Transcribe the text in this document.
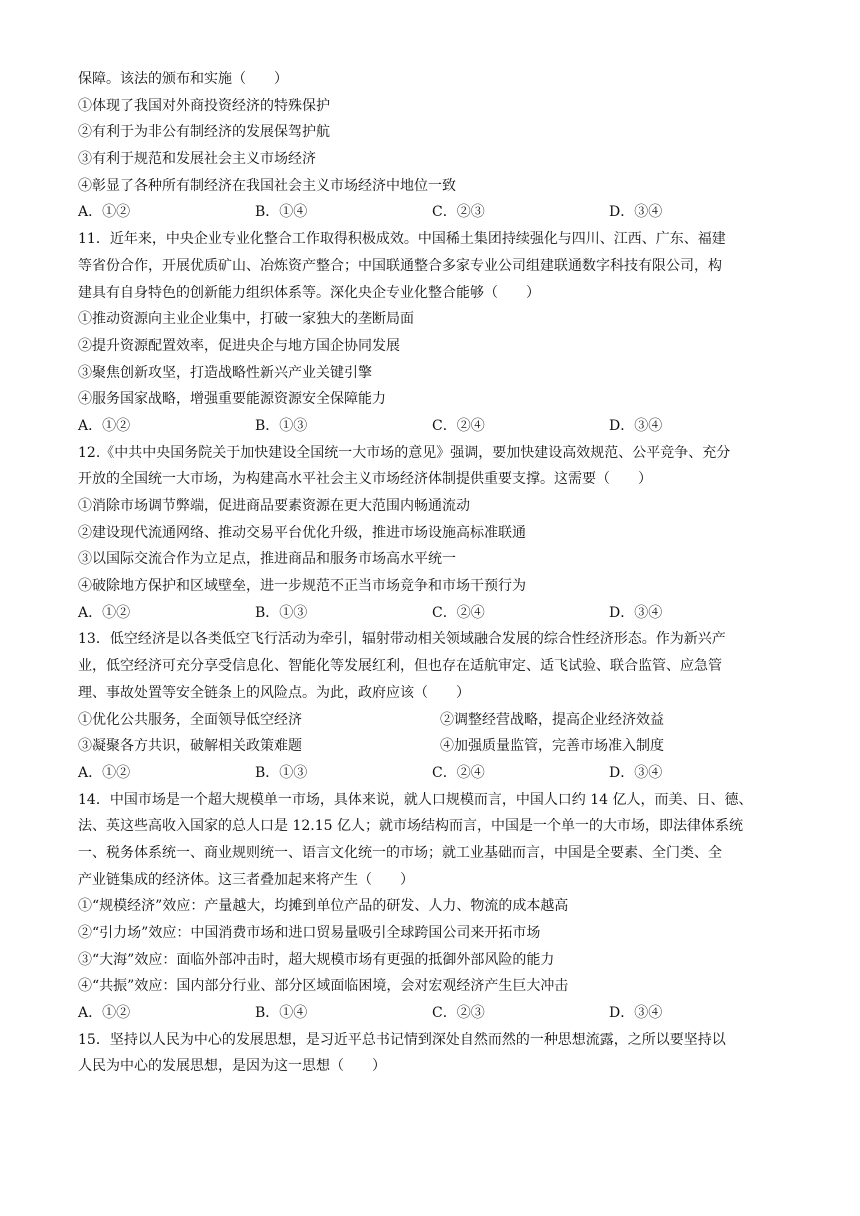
保障。该法的颁布和实施（　　）
①体现了我国对外商投资经济的特殊保护
②有利于为非公有制经济的发展保驾护航
③有利于规范和发展社会主义市场经济
④彰显了各种所有制经济在我国社会主义市场经济中地位一致
A．①②	B．①④	C．②③	D．③④
11．近年来，中央企业专业化整合工作取得积极成效。中国稀土集团持续强化与四川、江西、广东、福建
等省份合作，开展优质矿山、冶炼资产整合；中国联通整合多家专业公司组建联通数字科技有限公司，构
建具有自身特色的创新能力组织体系等。深化央企专业化整合能够（　　）
①推动资源向主业企业集中，打破一家独大的垄断局面
②提升资源配置效率，促进央企与地方国企协同发展
③聚焦创新攻坚，打造战略性新兴产业关键引擎
④服务国家战略，增强重要能源资源安全保障能力
A．①②	B．①③	C．②④	D．③④
12.《中共中央国务院关于加快建设全国统一大市场的意见》强调，要加快建设高效规范、公平竞争、充分
开放的全国统一大市场，为构建高水平社会主义市场经济体制提供重要支撑。这需要（　　）
①消除市场调节弊端，促进商品要素资源在更大范围内畅通流动
②建设现代流通网络、推动交易平台优化升级，推进市场设施高标准联通
③以国际交流合作为立足点，推进商品和服务市场高水平统一
④破除地方保护和区域壁垒，进一步规范不正当市场竞争和市场干预行为
A．①②	B．①③	C．②④	D．③④
13．低空经济是以各类低空飞行活动为牵引，辐射带动相关领域融合发展的综合性经济形态。作为新兴产
业，低空经济可充分享受信息化、智能化等发展红利，但也存在适航审定、适飞试验、联合监管、应急管
理、事故处置等安全链条上的风险点。为此，政府应该（　　）
①优化公共服务，全面领导低空经济	②调整经营战略，提高企业经济效益
③凝聚各方共识，破解相关政策难题	④加强质量监管，完善市场准入制度
A．①②	B．①③	C．②④	D．③④
14．中国市场是一个超大规模单一市场，具体来说，就人口规模而言，中国人口约 14 亿人，而美、日、德、
法、英这些高收入国家的总人口是 12.15 亿人；就市场结构而言，中国是一个单一的大市场，即法律体系统
一、税务体系统一、商业规则统一、语言文化统一的市场；就工业基础而言，中国是全要素、全门类、全
产业链集成的经济体。这三者叠加起来将产生（　　）
①“规模经济”效应：产量越大，均摊到单位产品的研发、人力、物流的成本越高
②“引力场”效应：中国消费市场和进口贸易量吸引全球跨国公司来开拓市场
③“大海”效应：面临外部冲击时，超大规模市场有更强的抵御外部风险的能力
④“共振”效应：国内部分行业、部分区域面临困境，会对宏观经济产生巨大冲击
A．①②	B．①④	C．②③	D．③④
15．坚持以人民为中心的发展思想，是习近平总书记情到深处自然而然的一种思想流露，之所以要坚持以
人民为中心的发展思想，是因为这一思想（　　）
